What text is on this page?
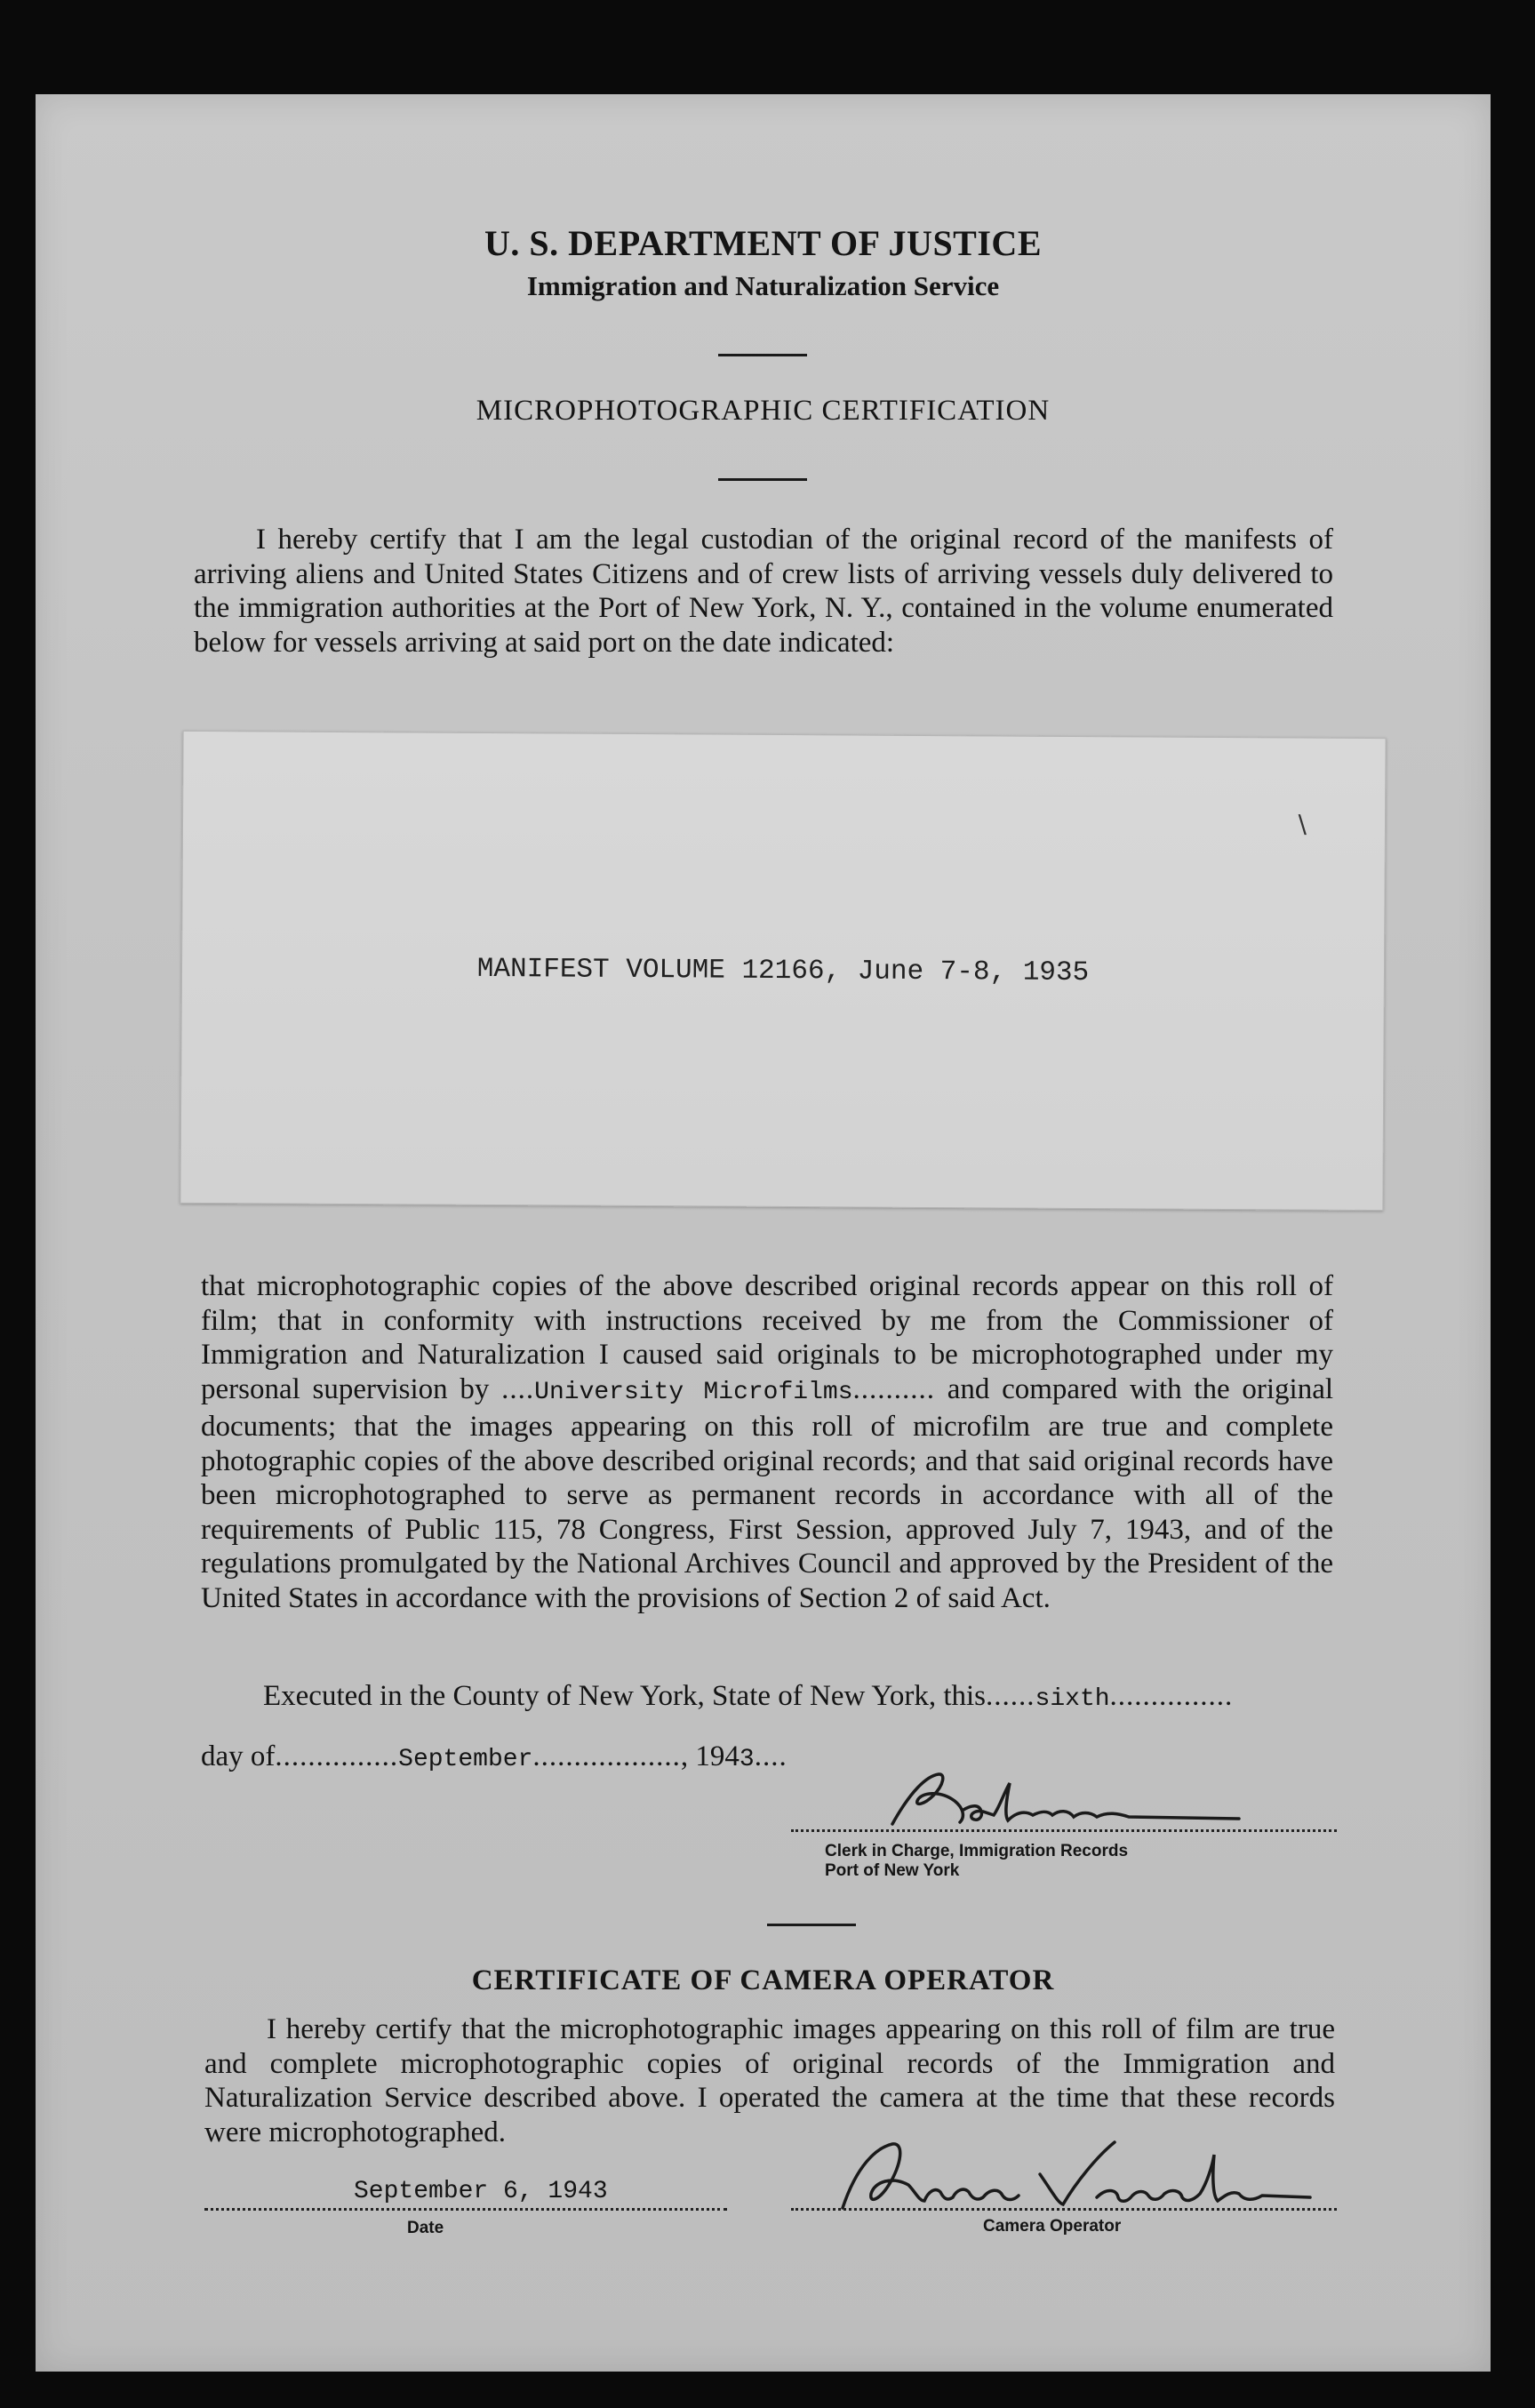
U. S. DEPARTMENT OF JUSTICE
Immigration and Naturalization Service
MICROPHOTOGRAPHIC CERTIFICATION
I hereby certify that I am the legal custodian of the original record of the manifests of arriving aliens and United States Citizens and of crew lists of arriving vessels duly delivered to the immigration authorities at the Port of New York, N. Y., contained in the volume enumerated below for vessels arriving at said port on the date indicated:
\
MANIFEST VOLUME 12166, June 7-8, 1935
that microphotographic copies of the above described original records appear on this roll of film; that in conformity with instructions received by me from the Commissioner of Immigration and Naturalization I caused said originals to be microphotographed under my personal supervision by ....University Microfilms.......... and compared with the original documents; that the images appearing on this roll of microfilm are true and complete photographic copies of the above described original records; and that said original records have been microphotographed to serve as permanent records in accordance with all of the requirements of Public 115, 78 Congress, First Session, approved July 7, 1943, and of the regulations promulgated by the National Archives Council and approved by the President of the United States in accordance with the provisions of Section 2 of said Act.
Executed in the County of New York, State of New York, this......sixth...............
day of...............September.................., 1943....
Clerk in Charge, Immigration Records
Port of New York
CERTIFICATE OF CAMERA OPERATOR
I hereby certify that the microphotographic images appearing on this roll of film are true and complete microphotographic copies of original records of the Immigration and Naturalization Service described above. I operated the camera at the time that these records were microphotographed.
September 6, 1943
Date	Camera Operator
